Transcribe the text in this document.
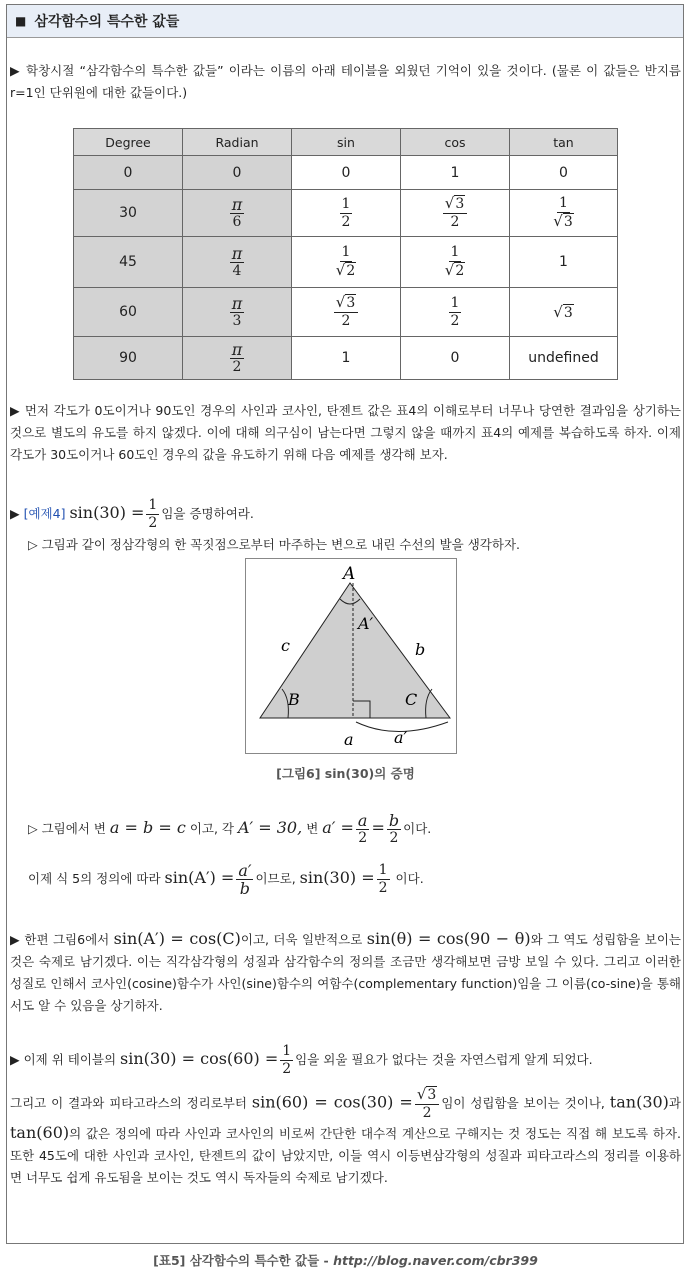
■ 삼각함수의 특수한 값들

▶ 학창시절 “삼각함수의 특수한 값들” 이라는 이름의 아래 테이블을 외웠던 기억이 있을 것이다. (물론 이 값들은 반지름 r=1인 단위원에 대한 값들이다.)

Degree	Radian	sin	cos	tan
0	0	0	1	0
30	$\frac{\pi}{6}$	$\frac{1}{2}$	$\frac{√ 3}{2}$	$\frac{1}{√ 3}$

45	$\frac{\pi}{4}$	$\frac{1}{√ 2}$	$\frac{1}{√ 2}$	1
60	$\frac{\pi}{3}$	$\frac{√ 3}{2}$	$\frac{1}{2}$	√ 3

90	$\frac{\pi}{2}$	1	0	undefined

▶ 먼저 각도가 0도이거나 90도인 경우의 사인과 코사인, 탄젠트 값은 표4의 이해로부터 너무나 당연한 결과임을 상기하는 것으로 별도의 유도를 하지 않겠다. 이에 대해 의구심이 남는다면 그렇지 않을 때까지 표4의 예제를 복습하도록 하자. 이제 각도가 30도이거나 60도인 경우의 값을 유도하기 위해 다음 예제를 생각해 보자.

▶ [예제4] $\sin(30) = \frac{1}{2}$ 임을 증명하여라.

▷ 그림과 같이 정삼각형의 한 꼭짓점으로부터 마주하는 변으로 내린 수선의 발을 생각하자.

A
A′
c	b
B	C
a	a′
[그림6] sin(30)의 증명

▷ 그림에서 변 a = b = c 이고, 각 A′ = 30, 변 $a' = \frac{a}{2} = \frac{b}{2}$ 이다.

이제 식 5의 정의에 따라 $\sin(A') = \frac{a'}{b}$ 이므로, $\sin(30) = \frac{1}{2}$ 이다.

▶ 한편 그림6에서 sin(A′) = cos(C)이고, 더욱 일반적으로 sin(θ) = cos(90 − θ)와 그 역도 성립함을 보이는 것은 숙제로 남기겠다. 이는 직각삼각형의 성질과 삼각함수의 정의를 조금만 생각해보면 금방 보일 수 있다. 그리고 이러한 성질로 인해서 코사인(cosine)함수가 사인(sine)함수의 여함수(complementary function)임을 그 이름(co-sine)을 통해서도 알 수 있음을 상기하자.

▶ 이제 위 테이블의 $\sin(30) = \cos(60) = \frac{1}{2}$ 임을 외울 필요가 없다는 것을 자연스럽게 알게 되었다.

그리고 이 결과와 피타고라스의 정리로부터 $\sin(60) = \cos(30) = \frac{√ 3}{2}$ 임이 성립함을 보이는 것이나, tan(30)과 tan(60)의 값은 정의에 따라 사인과 코사인의 비로써 간단한 대수적 계산으로 구해지는 것 정도는 직접 해 보도록 하자. 또한 45도에 대한 사인과 코사인, 탄젠트의 값이 남았지만, 이들 역시 이등변삼각형의 성질과 피타고라스의 정리를 이용하면 너무도 쉽게 유도됨을 보이는 것도 역시 독자들의 숙제로 남기겠다.

[표5] 삼각함수의 특수한 값들 - http://blog.naver.com/cbr399
